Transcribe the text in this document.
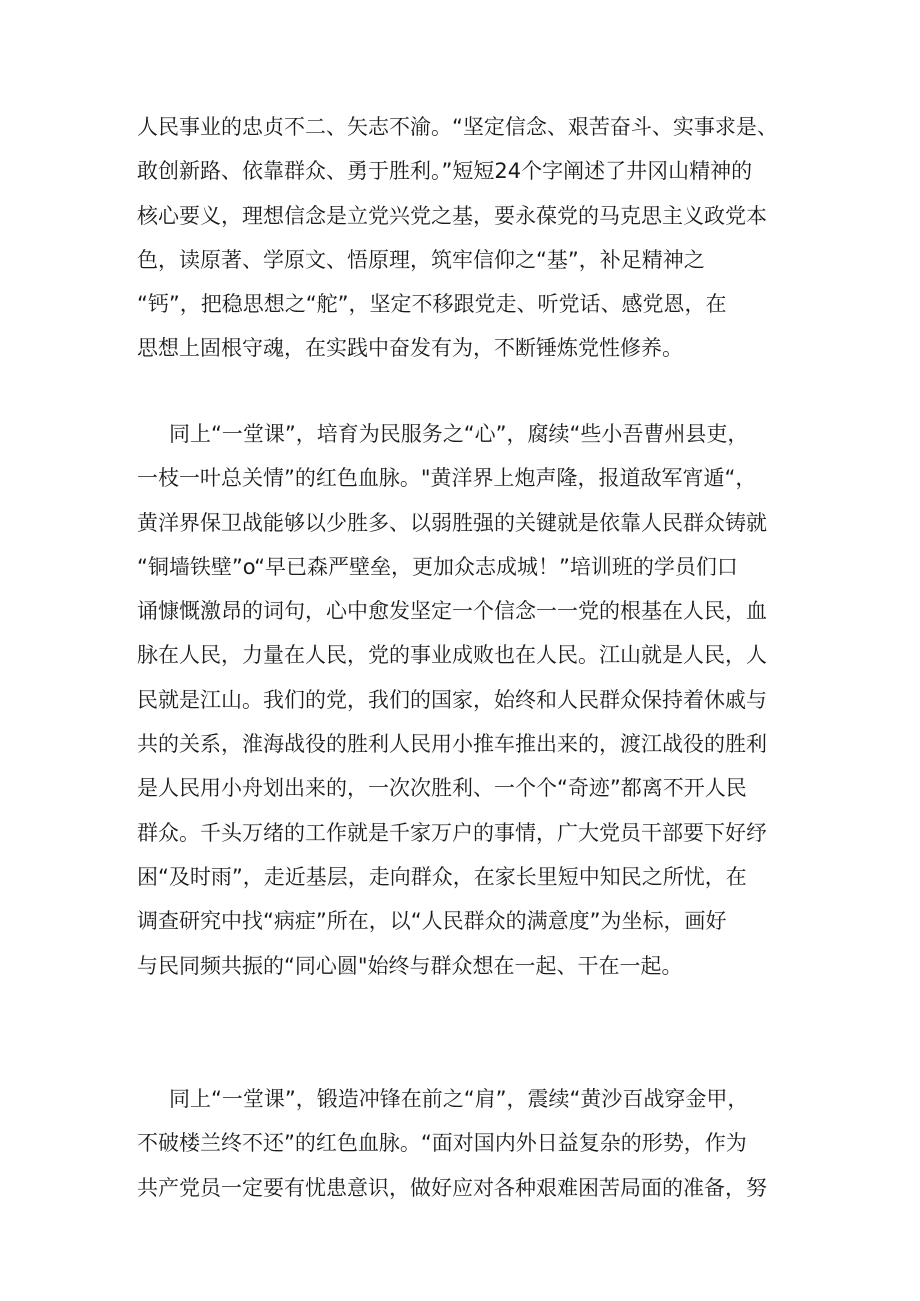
人民事业的忠贞不二、矢志不渝。“坚定信念、艰苦奋斗、实事求是、
敢创新路、依靠群众、勇于胜利。”短短24个字阐述了井冈山精神的
核心要义，理想信念是立党兴党之基，要永葆党的马克思主义政党本
色，读原著、学原文、悟原理，筑牢信仰之“基”，补足精神之
“钙”，把稳思想之“舵”，坚定不移跟党走、听党话、感党恩，在
思想上固根守魂，在实践中奋发有为，不断锤炼党性修养。
同上“一堂课”，培育为民服务之“心”，腐续“些小吾曹州县吏，
一枝一叶总关情”的红色血脉。"黄洋界上炮声隆，报道敌军宵遁“，
黄洋界保卫战能够以少胜多、以弱胜强的关键就是依靠人民群众铸就
“铜墙铁壁”o“早已森严壁垒，更加众志成城！”培训班的学员们口
诵慷慨激昂的词句，心中愈发坚定一个信念一一党的根基在人民，血
脉在人民，力量在人民，党的事业成败也在人民。江山就是人民，人
民就是江山。我们的党，我们的国家，始终和人民群众保持着休戚与
共的关系，淮海战役的胜利人民用小推车推出来的，渡江战役的胜利
是人民用小舟划出来的，一次次胜利、一个个“奇迹”都离不开人民
群众。千头万绪的工作就是千家万户的事情，广大党员干部要下好纾
困“及时雨”，走近基层，走向群众，在家长里短中知民之所忧，在
调查研究中找“病症”所在，以“人民群众的满意度”为坐标，画好
与民同频共振的“同心圆"始终与群众想在一起、干在一起。
同上“一堂课”，锻造冲锋在前之“肩”，震续“黄沙百战穿金甲，
不破楼兰终不还”的红色血脉。“面对国内外日益复杂的形势，作为
共产党员一定要有忧患意识，做好应对各种艰难困苦局面的准备，努
